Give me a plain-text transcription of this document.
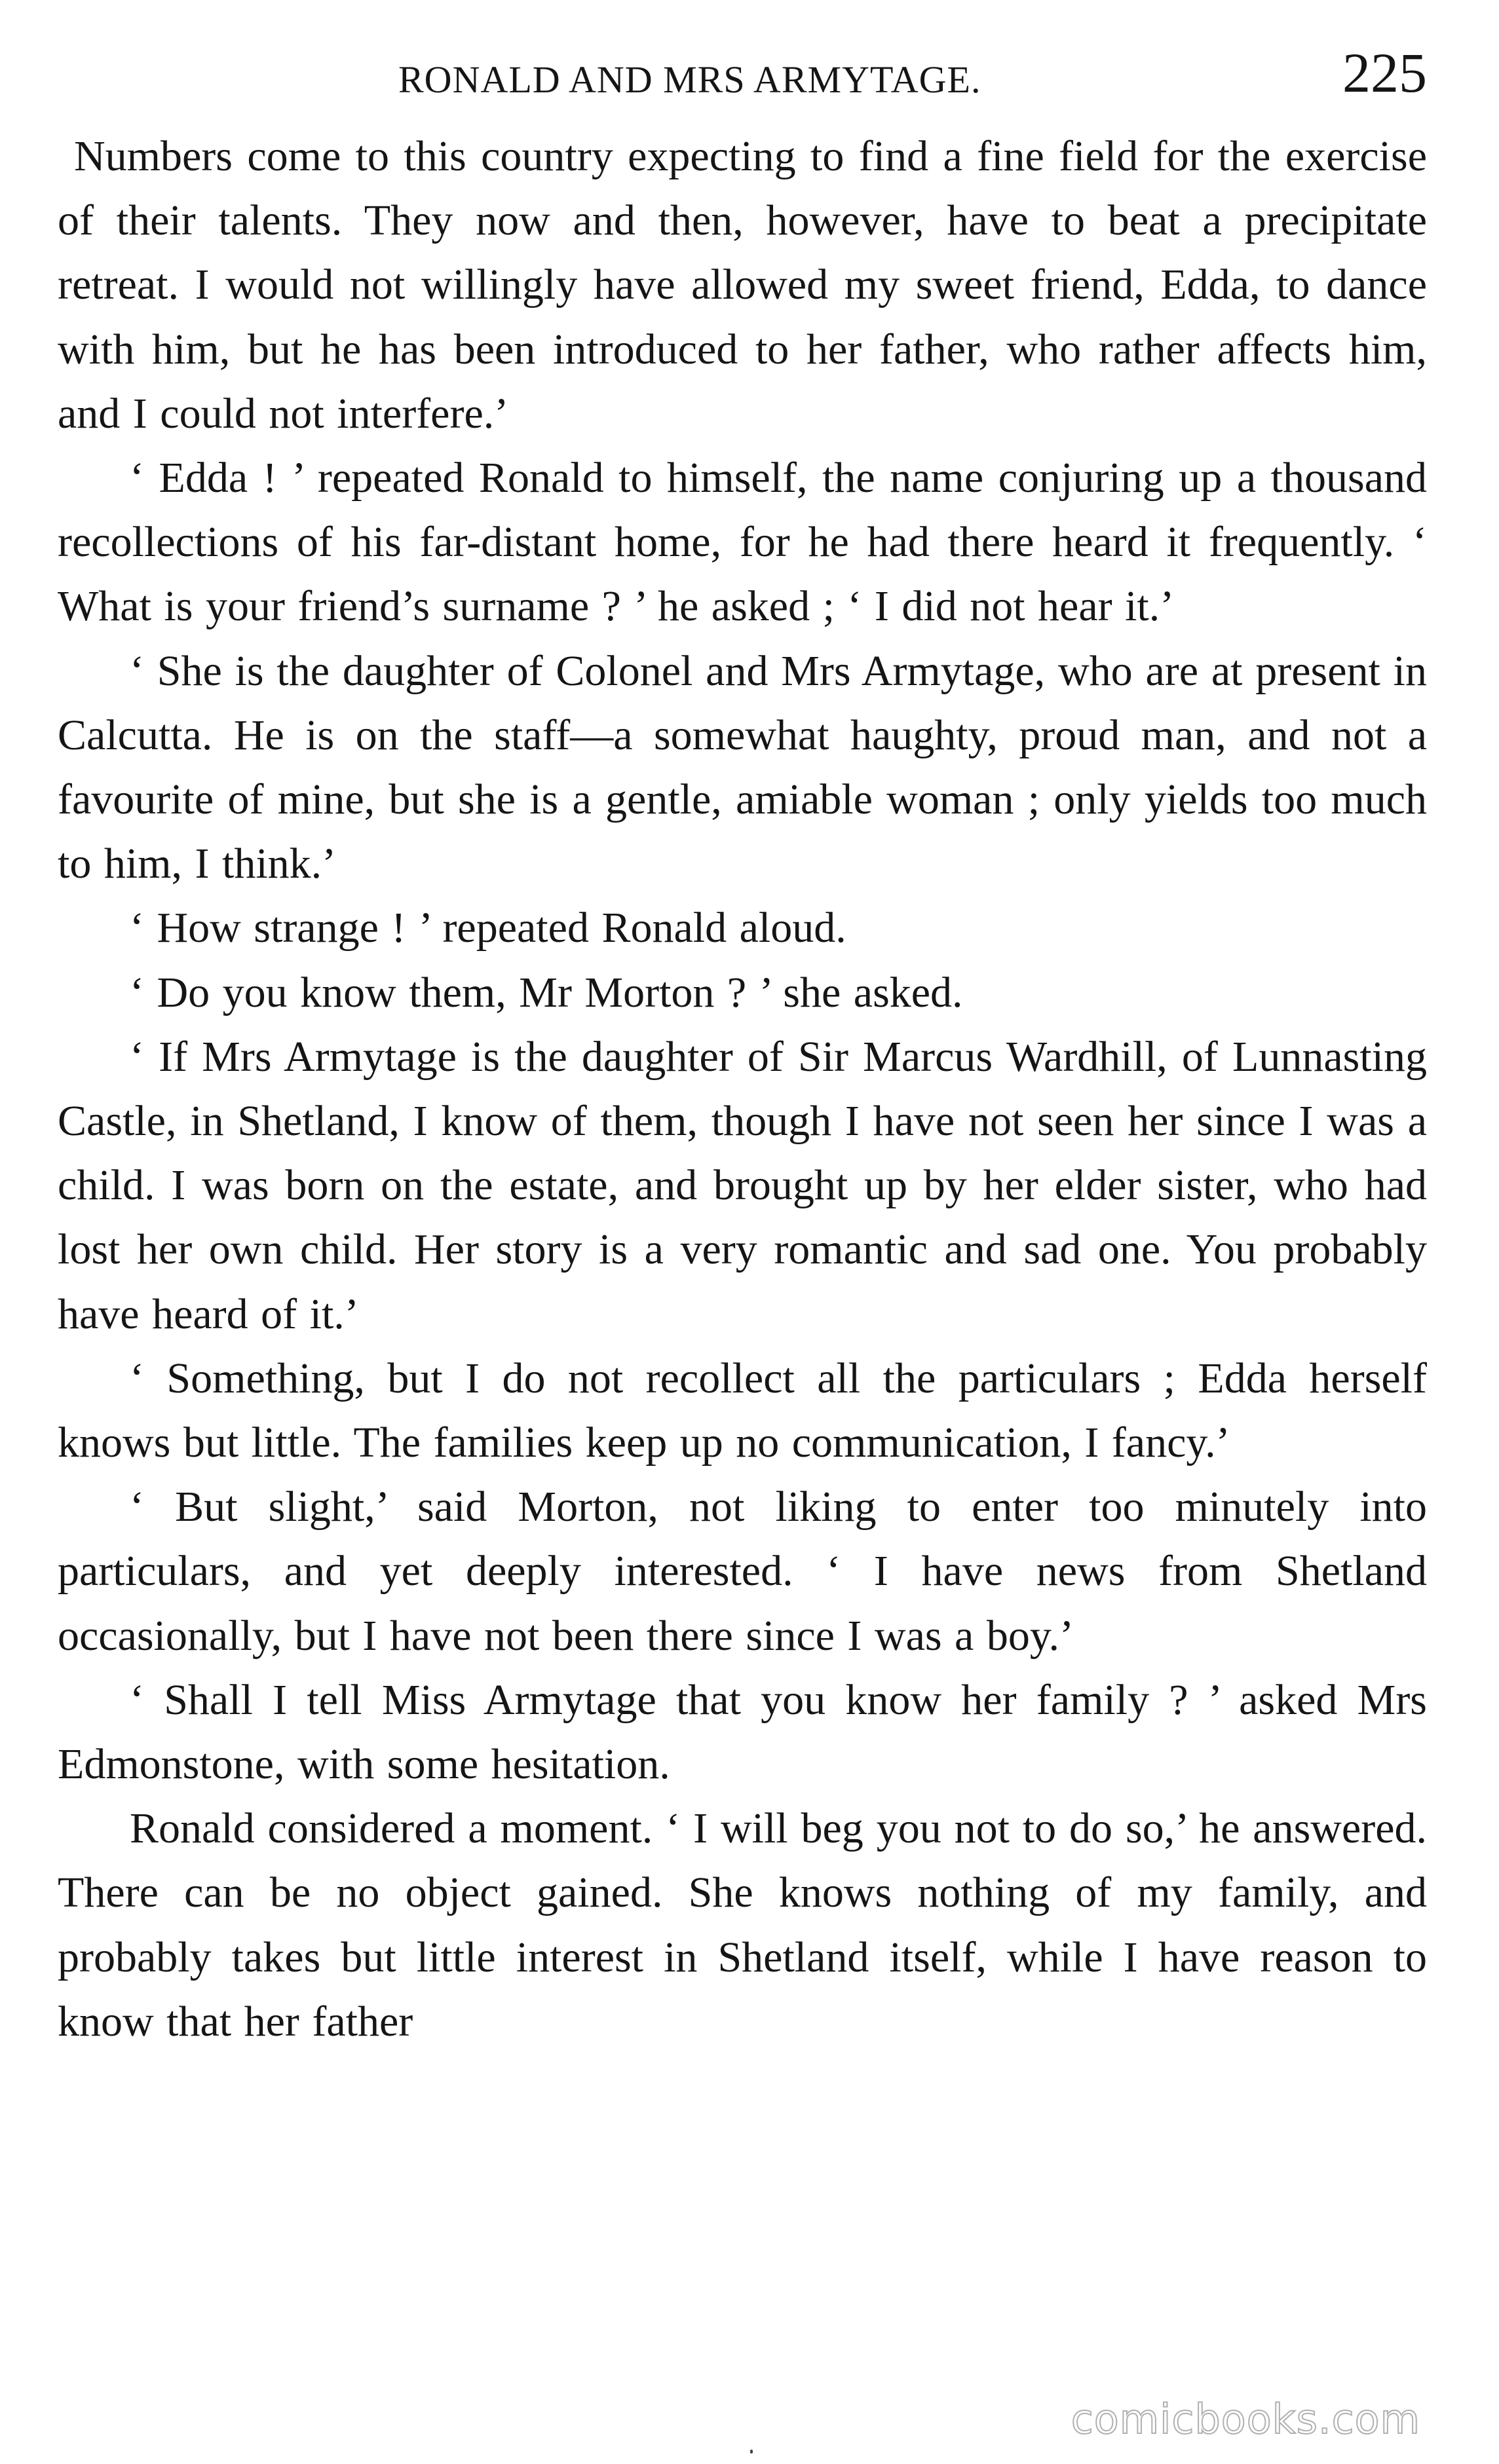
RONALD AND MRS ARMYTAGE.	225

Numbers come to this country expecting to find a fine field for the exercise of their talents. They now and then, however, have to beat a precipitate retreat. I would not willingly have allowed my sweet friend, Edda, to dance with him, but he has been introduced to her father, who rather affects him, and I could not interfere.’

‘ Edda ! ’ repeated Ronald to himself, the name conjuring up a thousand recollections of his far-distant home, for he had there heard it frequently. ‘ What is your friend’s surname ? ’ he asked ; ‘ I did not hear it.’

‘ She is the daughter of Colonel and Mrs Armytage, who are at present in Calcutta. He is on the staff—a somewhat haughty, proud man, and not a favourite of mine, but she is a gentle, amiable woman ; only yields too much to him, I think.’

‘ How strange ! ’ repeated Ronald aloud.

‘ Do you know them, Mr Morton ? ’ she asked.

‘ If Mrs Armytage is the daughter of Sir Marcus Wardhill, of Lunnasting Castle, in Shetland, I know of them, though I have not seen her since I was a child. I was born on the estate, and brought up by her elder sister, who had lost her own child. Her story is a very romantic and sad one. You probably have heard of it.’

‘ Something, but I do not recollect all the particulars ; Edda herself knows but little. The families keep up no communication, I fancy.’

‘ But slight,’ said Morton, not liking to enter too minutely into particulars, and yet deeply interested. ‘ I have news from Shetland occasionally, but I have not been there since I was a boy.’

‘ Shall I tell Miss Armytage that you know her family ? ’ asked Mrs Edmonstone, with some hesitation.

Ronald considered a moment. ‘ I will beg you not to do so,’ he answered. There can be no object gained. She knows nothing of my family, and probably takes but little interest in Shetland itself, while I have reason to know that her father

comicbooks.com
